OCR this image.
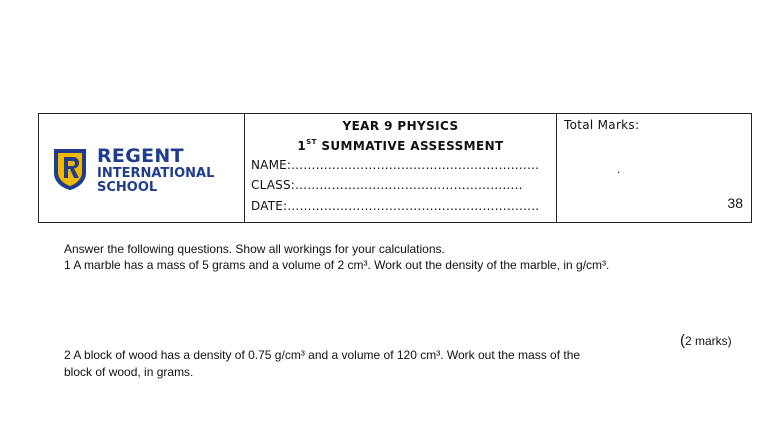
REGENT
INTERNATIONAL
SCHOOL
YEAR 9 PHYSICS
1ST SUMMATIVE ASSESSMENT
NAME:……………………………………………….……
CLASS:………………………………………………..
DATE:……………………………………………………..
Total Marks:
.
38
Answer the following questions. Show all workings for your calculations.
1 A marble has a mass of 5 grams and a volume of 2 cm³. Work out the density of the marble, in g/cm³.
(2 marks)
2 A block of wood has a density of 0.75 g/cm³ and a volume of 120 cm³. Work out the mass of the
block of wood, in grams.
